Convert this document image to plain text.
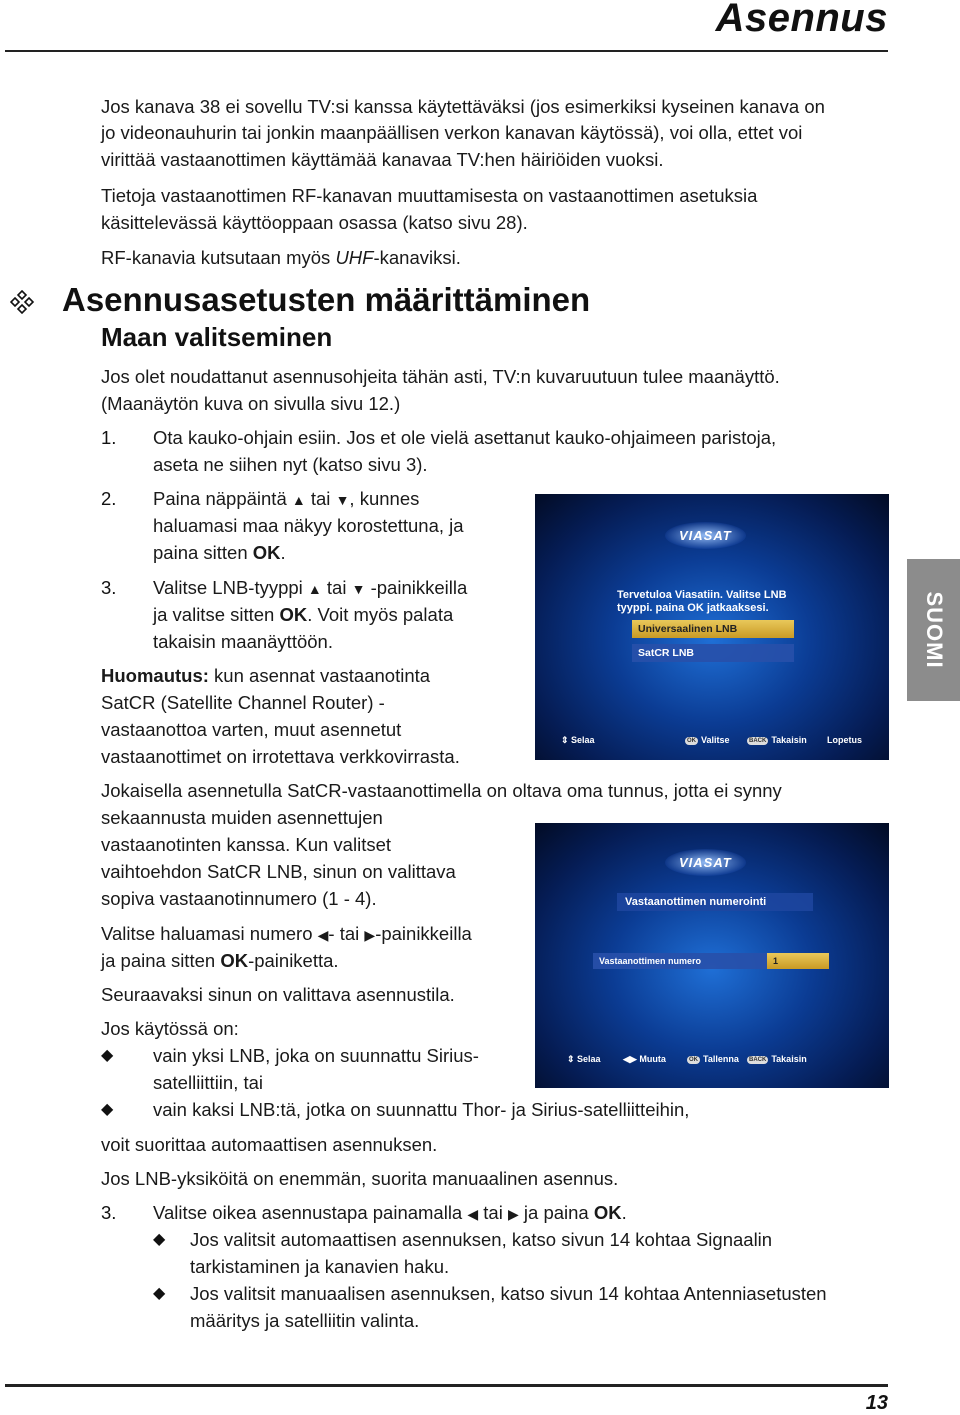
Asennus
SUOMI
Jos kanava 38 ei sovellu TV:si kanssa käytettäväksi (jos esimerkiksi kyseinen kanava on
jo videonauhurin tai jonkin maanpäällisen verkon kanavan käytössä), voi olla, ettet voi
virittää vastaanottimen käyttämää kanavaa TV:hen häiriöiden vuoksi.
Tietoja vastaanottimen RF-kanavan muuttamisesta on vastaanottimen asetuksia
käsittelevässä käyttöoppaan osassa (katso sivu 28).
RF-kanavia kutsutaan myös UHF-kanaviksi.
Asennusasetusten määrittäminen
Maan valitseminen
Jos olet noudattanut asennusohjeita tähän asti, TV:n kuvaruutuun tulee maanäyttö.
(Maanäytön kuva on sivulla sivu 12.)
1. Ota kauko-ohjain esiin. Jos et ole vielä asettanut kauko-ohjaimeen paristoja,
aseta ne siihen nyt (katso sivu 3).
2. Paina näppäintä ▲ tai ▼, kunnes
haluamasi maa näkyy korostettuna, ja
paina sitten OK.
3. Valitse LNB-tyyppi ▲ tai ▼ -painikkeilla
ja valitse sitten OK. Voit myös palata
takaisin maanäyttöön.
Huomautus: kun asennat vastaanotinta
SatCR (Satellite Channel Router) -
vastaanottoa varten, muut asennetut
vastaanottimet on irrotettava verkkovirrasta.
VIASAT
Tervetuloa Viasatiin. Valitse LNB
tyyppi. paina OK jatkaaksesi.
Universaalinen LNB
SatCR LNB
⇕ Selaa	OK Valitse	BACK Takaisin Lopetus
Jokaisella asennetulla SatCR-vastaanottimella on oltava oma tunnus, jotta ei synny
sekaannusta muiden asennettujen
vastaanotinten kanssa. Kun valitset
vaihtoehdon SatCR LNB, sinun on valittava
sopiva vastaanotinnumero (1 - 4).
Valitse haluamasi numero ◀- tai ▶-painikkeilla
ja paina sitten OK-painiketta.
Seuraavaksi sinun on valittava asennustila.
Jos käytössä on:
◆ vain yksi LNB, joka on suunnattu Sirius-
satelliittiin, tai
◆ vain kaksi LNB:tä, jotka on suunnattu Thor- ja Sirius-satelliitteihin,
voit suorittaa automaattisen asennuksen.
Jos LNB-yksiköitä on enemmän, suorita manuaalinen asennus.
VIASAT
Vastaanottimen numerointi
Vastaanottimen numero	1
⇕ Selaa ◀▶ Muuta	OK Tallenna	BACK Takaisin
3. Valitse oikea asennustapa painamalla ◀ tai ▶ ja paina OK.
◆ Jos valitsit automaattisen asennuksen, katso sivun 14 kohtaa Signaalin
tarkistaminen ja kanavien haku.
◆ Jos valitsit manuaalisen asennuksen, katso sivun 14 kohtaa Antenniasetusten
määritys ja satelliitin valinta.
13
